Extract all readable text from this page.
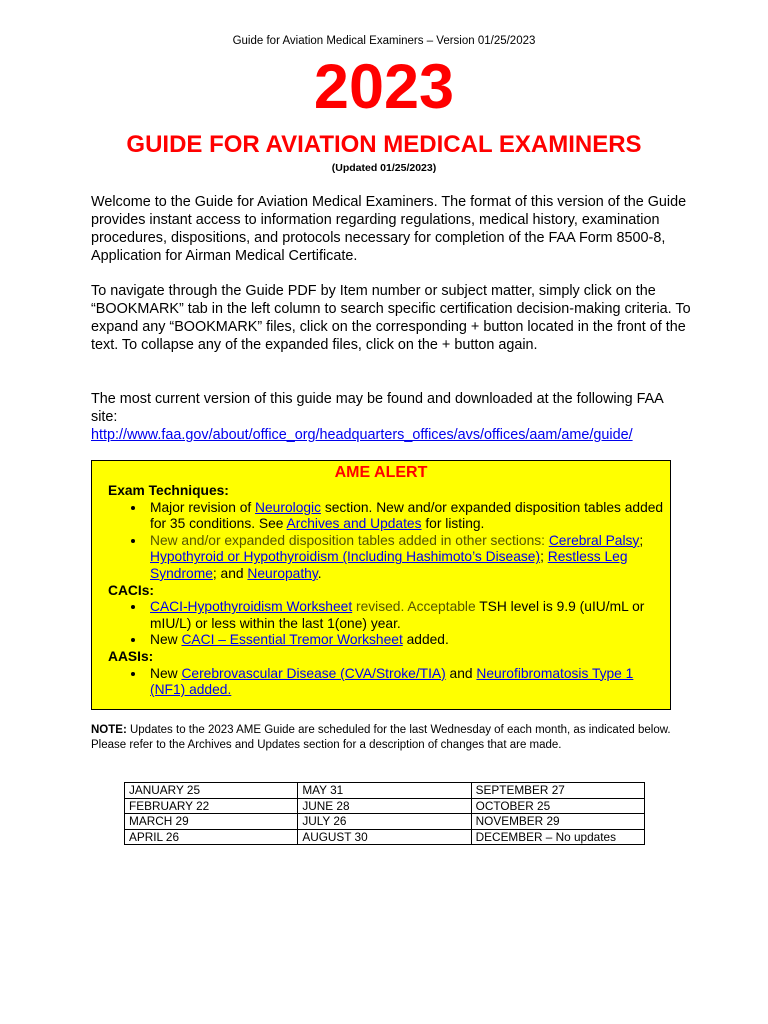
Guide for Aviation Medical Examiners – Version 01/25/2023
2023
GUIDE FOR AVIATION MEDICAL EXAMINERS
(Updated 01/25/2023)
Welcome to the Guide for Aviation Medical Examiners. The format of this version of the Guide provides instant access to information regarding regulations, medical history, examination procedures, dispositions, and protocols necessary for completion of the FAA Form 8500-8, Application for Airman Medical Certificate.
To navigate through the Guide PDF by Item number or subject matter, simply click on the “BOOKMARK” tab in the left column to search specific certification decision-making criteria. To expand any “BOOKMARK” files, click on the corresponding + button located in the front of the text. To collapse any of the expanded files, click on the + button again.
The most current version of this guide may be found and downloaded at the following FAA site:
http://www.faa.gov/about/office_org/headquarters_offices/avs/offices/aam/ame/guide/
AME ALERT
Exam Techniques:
• Major revision of Neurologic section. New and/or expanded disposition tables added for 35 conditions. See Archives and Updates for listing.
• New and/or expanded disposition tables added in other sections: Cerebral Palsy; Hypothyroid or Hypothyroidism (Including Hashimoto’s Disease); Restless Leg Syndrome; and Neuropathy.
CACIs:
• CACI-Hypothyroidism Worksheet revised. Acceptable TSH level is 9.9 (uIU/mL or mIU/L) or less within the last 1(one) year.
• New CACI – Essential Tremor Worksheet added.
AASIs:
• New Cerebrovascular Disease (CVA/Stroke/TIA) and Neurofibromatosis Type 1 (NF1) added.
NOTE: Updates to the 2023 AME Guide are scheduled for the last Wednesday of each month, as indicated below. Please refer to the Archives and Updates section for a description of changes that are made.
JANUARY 25	MAY 31	SEPTEMBER 27
FEBRUARY 22	JUNE 28	OCTOBER 25
MARCH 29	JULY 26	NOVEMBER 29
APRIL 26	AUGUST 30	DECEMBER – No updates
